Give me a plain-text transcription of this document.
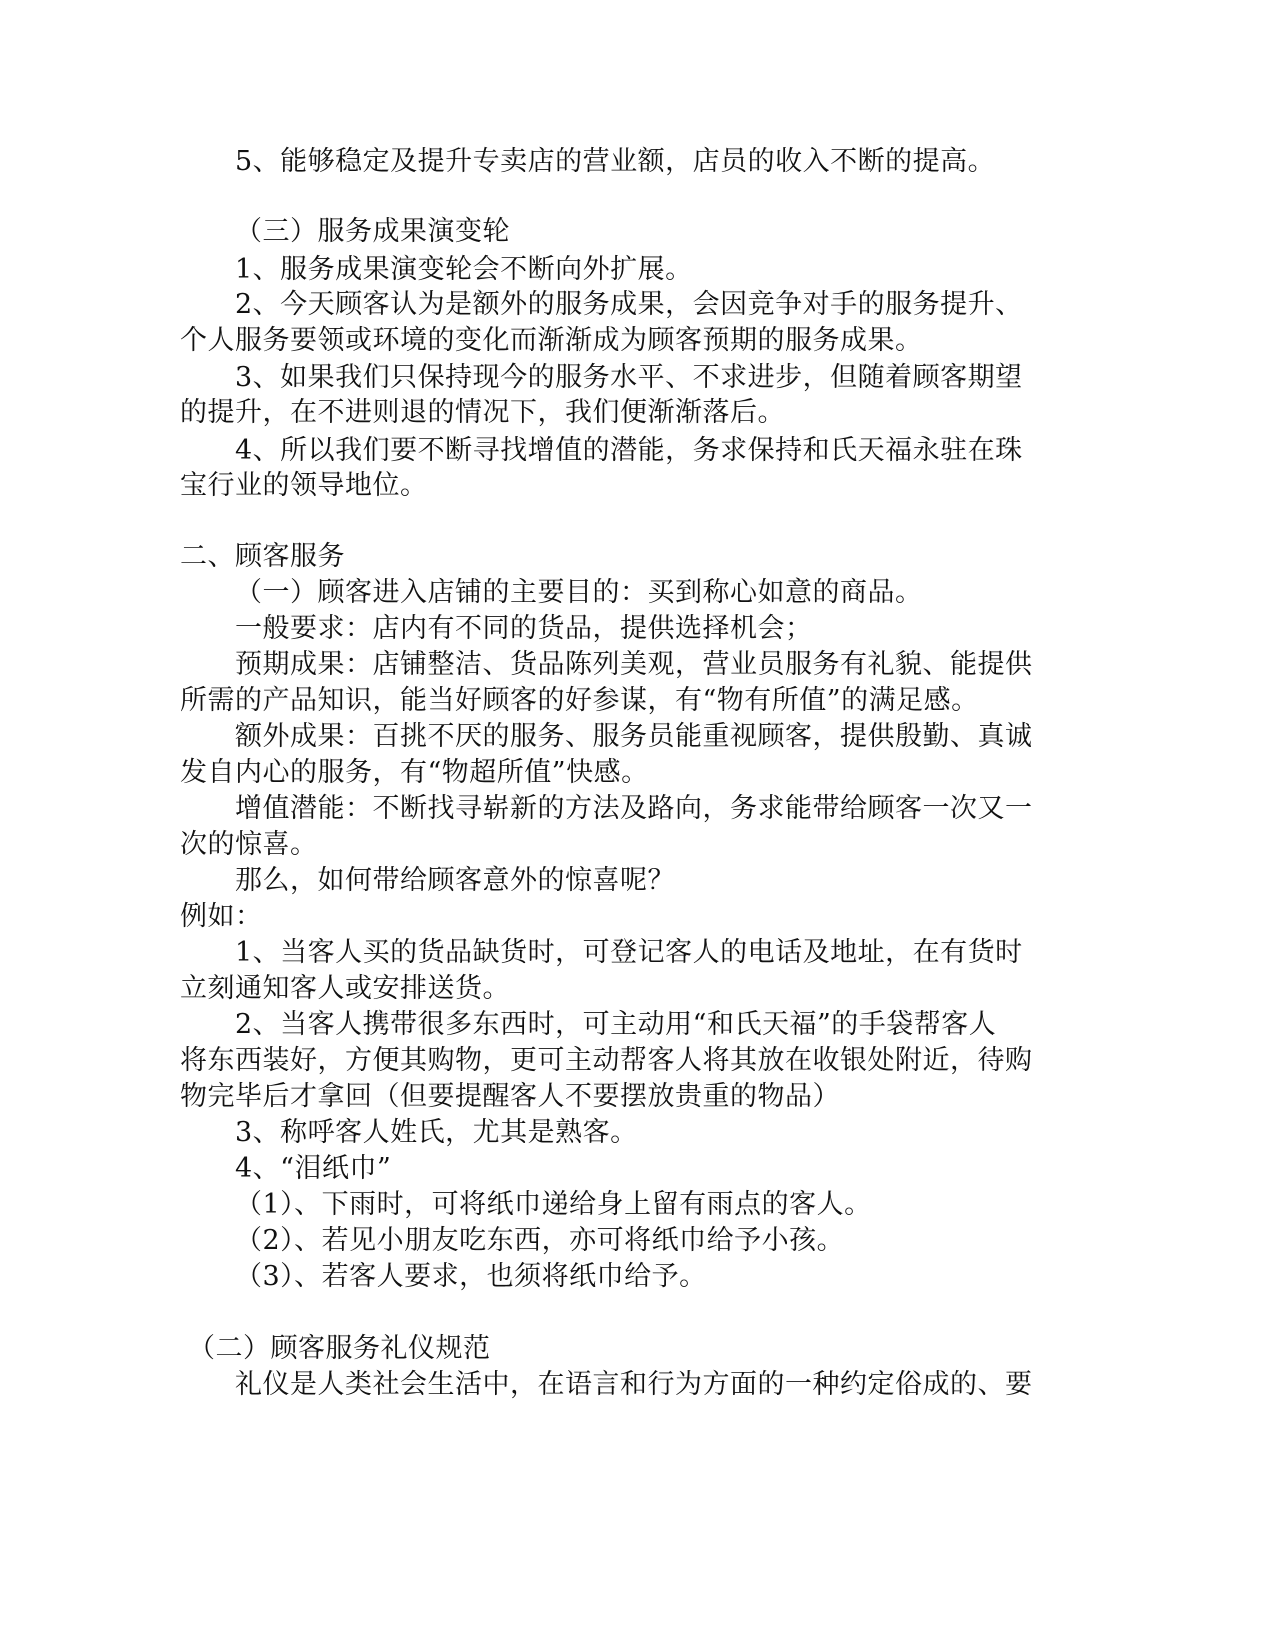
5、能够稳定及提升专卖店的营业额，店员的收入不断的提高。
（三）服务成果演变轮
1、服务成果演变轮会不断向外扩展。
2、今天顾客认为是额外的服务成果，会因竞争对手的服务提升、
个人服务要领或环境的变化而渐渐成为顾客预期的服务成果。
3、如果我们只保持现今的服务水平、不求进步，但随着顾客期望
的提升，在不进则退的情况下，我们便渐渐落后。
4、所以我们要不断寻找增值的潜能，务求保持和氏天福永驻在珠
宝行业的领导地位。
二、顾客服务
（一）顾客进入店铺的主要目的：买到称心如意的商品。
一般要求：店内有不同的货品，提供选择机会；
预期成果：店铺整洁、货品陈列美观，营业员服务有礼貌、能提供
所需的产品知识，能当好顾客的好参谋，有“物有所值”的满足感。
额外成果：百挑不厌的服务、服务员能重视顾客，提供殷勤、真诚
发自内心的服务，有“物超所值”快感。
增值潜能：不断找寻崭新的方法及路向，务求能带给顾客一次又一
次的惊喜。
那么，如何带给顾客意外的惊喜呢？
例如：
1、当客人买的货品缺货时，可登记客人的电话及地址，在有货时
立刻通知客人或安排送货。
2、当客人携带很多东西时，可主动用“和氏天福”的手袋帮客人
将东西装好，方便其购物，更可主动帮客人将其放在收银处附近，待购
物完毕后才拿回（但要提醒客人不要摆放贵重的物品）
3、称呼客人姓氏，尤其是熟客。
4、“泪纸巾”
（1）、下雨时，可将纸巾递给身上留有雨点的客人。
（2）、若见小朋友吃东西，亦可将纸巾给予小孩。
（3）、若客人要求，也须将纸巾给予。
（二）顾客服务礼仪规范
礼仪是人类社会生活中，在语言和行为方面的一种约定俗成的、要
